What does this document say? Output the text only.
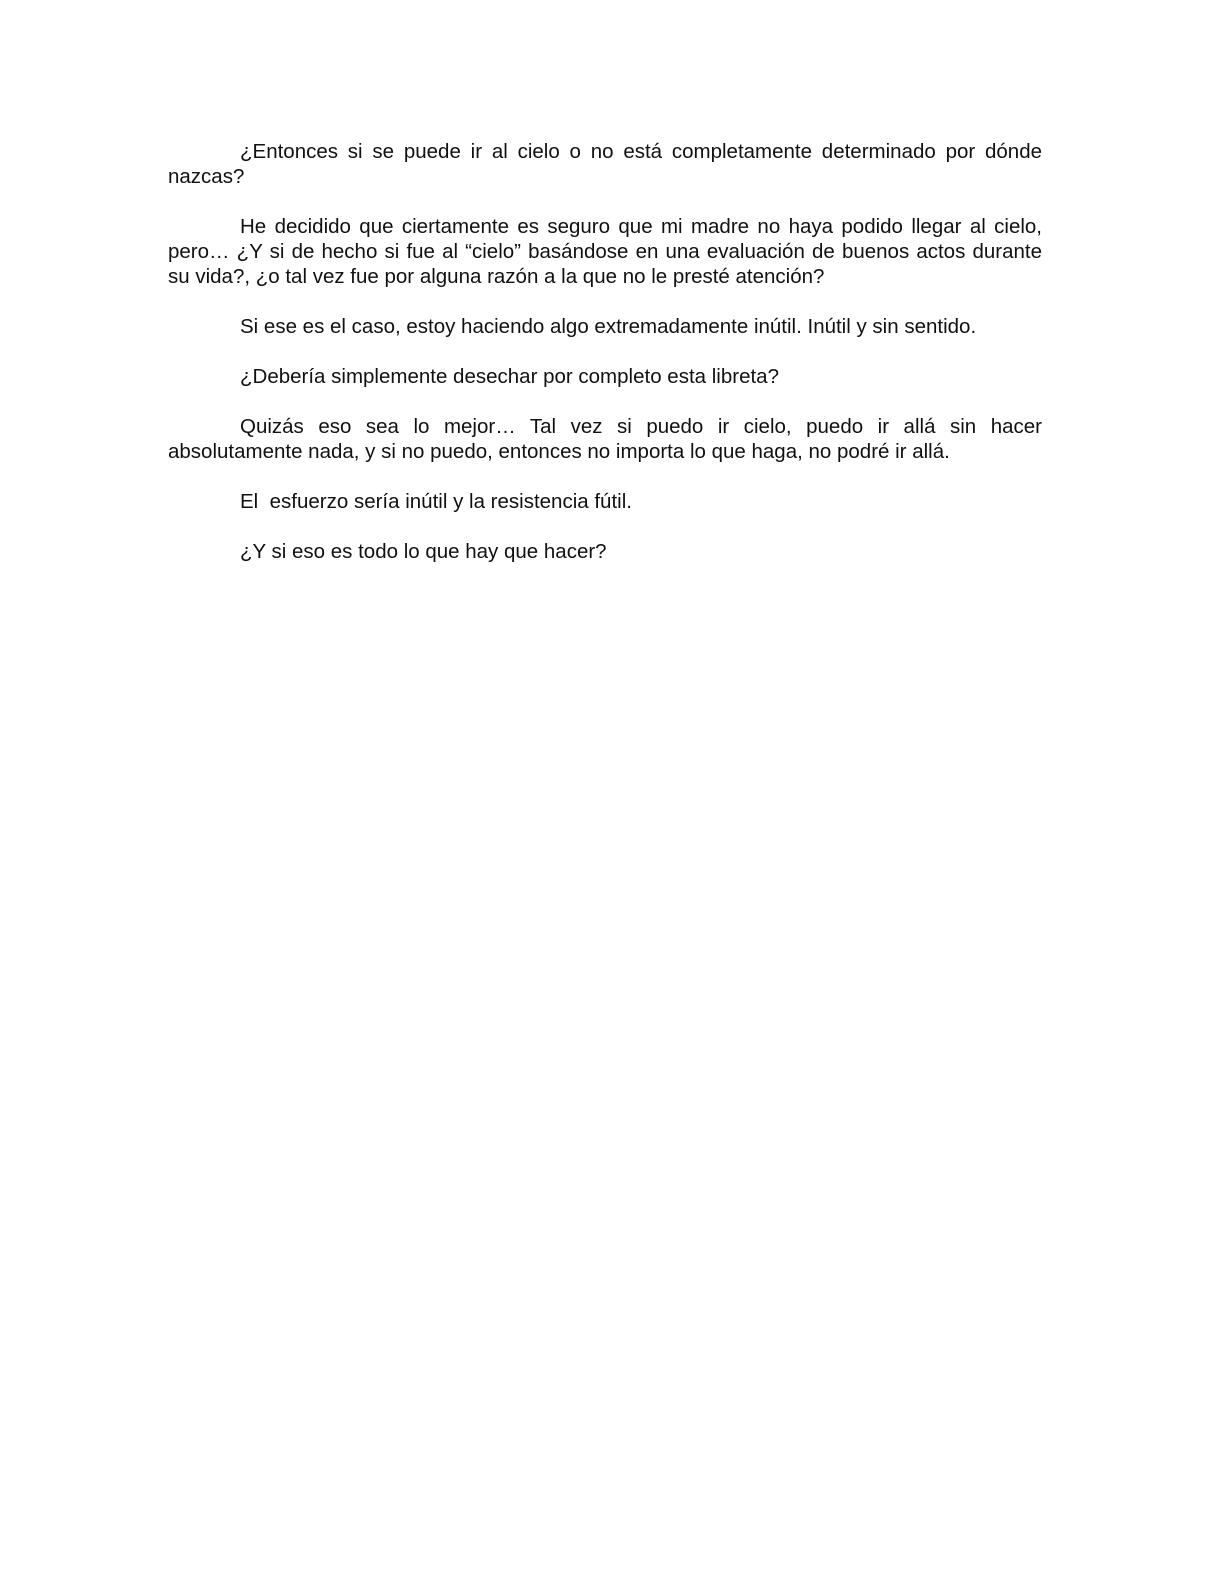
¿Entonces si se puede ir al cielo o no está completamente determinado por dónde nazcas?

He decidido que ciertamente es seguro que mi madre no haya podido llegar al cielo, pero… ¿Y si de hecho si fue al “cielo” basándose en una evaluación de buenos actos durante su vida?, ¿o tal vez fue por alguna razón a la que no le presté atención?

Si ese es el caso, estoy haciendo algo extremadamente inútil. Inútil y sin sentido.

¿Debería simplemente desechar por completo esta libreta?

Quizás eso sea lo mejor… Tal vez si puedo ir cielo, puedo ir allá sin hacer absolutamente nada, y si no puedo, entonces no importa lo que haga, no podré ir allá.

El  esfuerzo sería inútil y la resistencia fútil.

¿Y si eso es todo lo que hay que hacer?
